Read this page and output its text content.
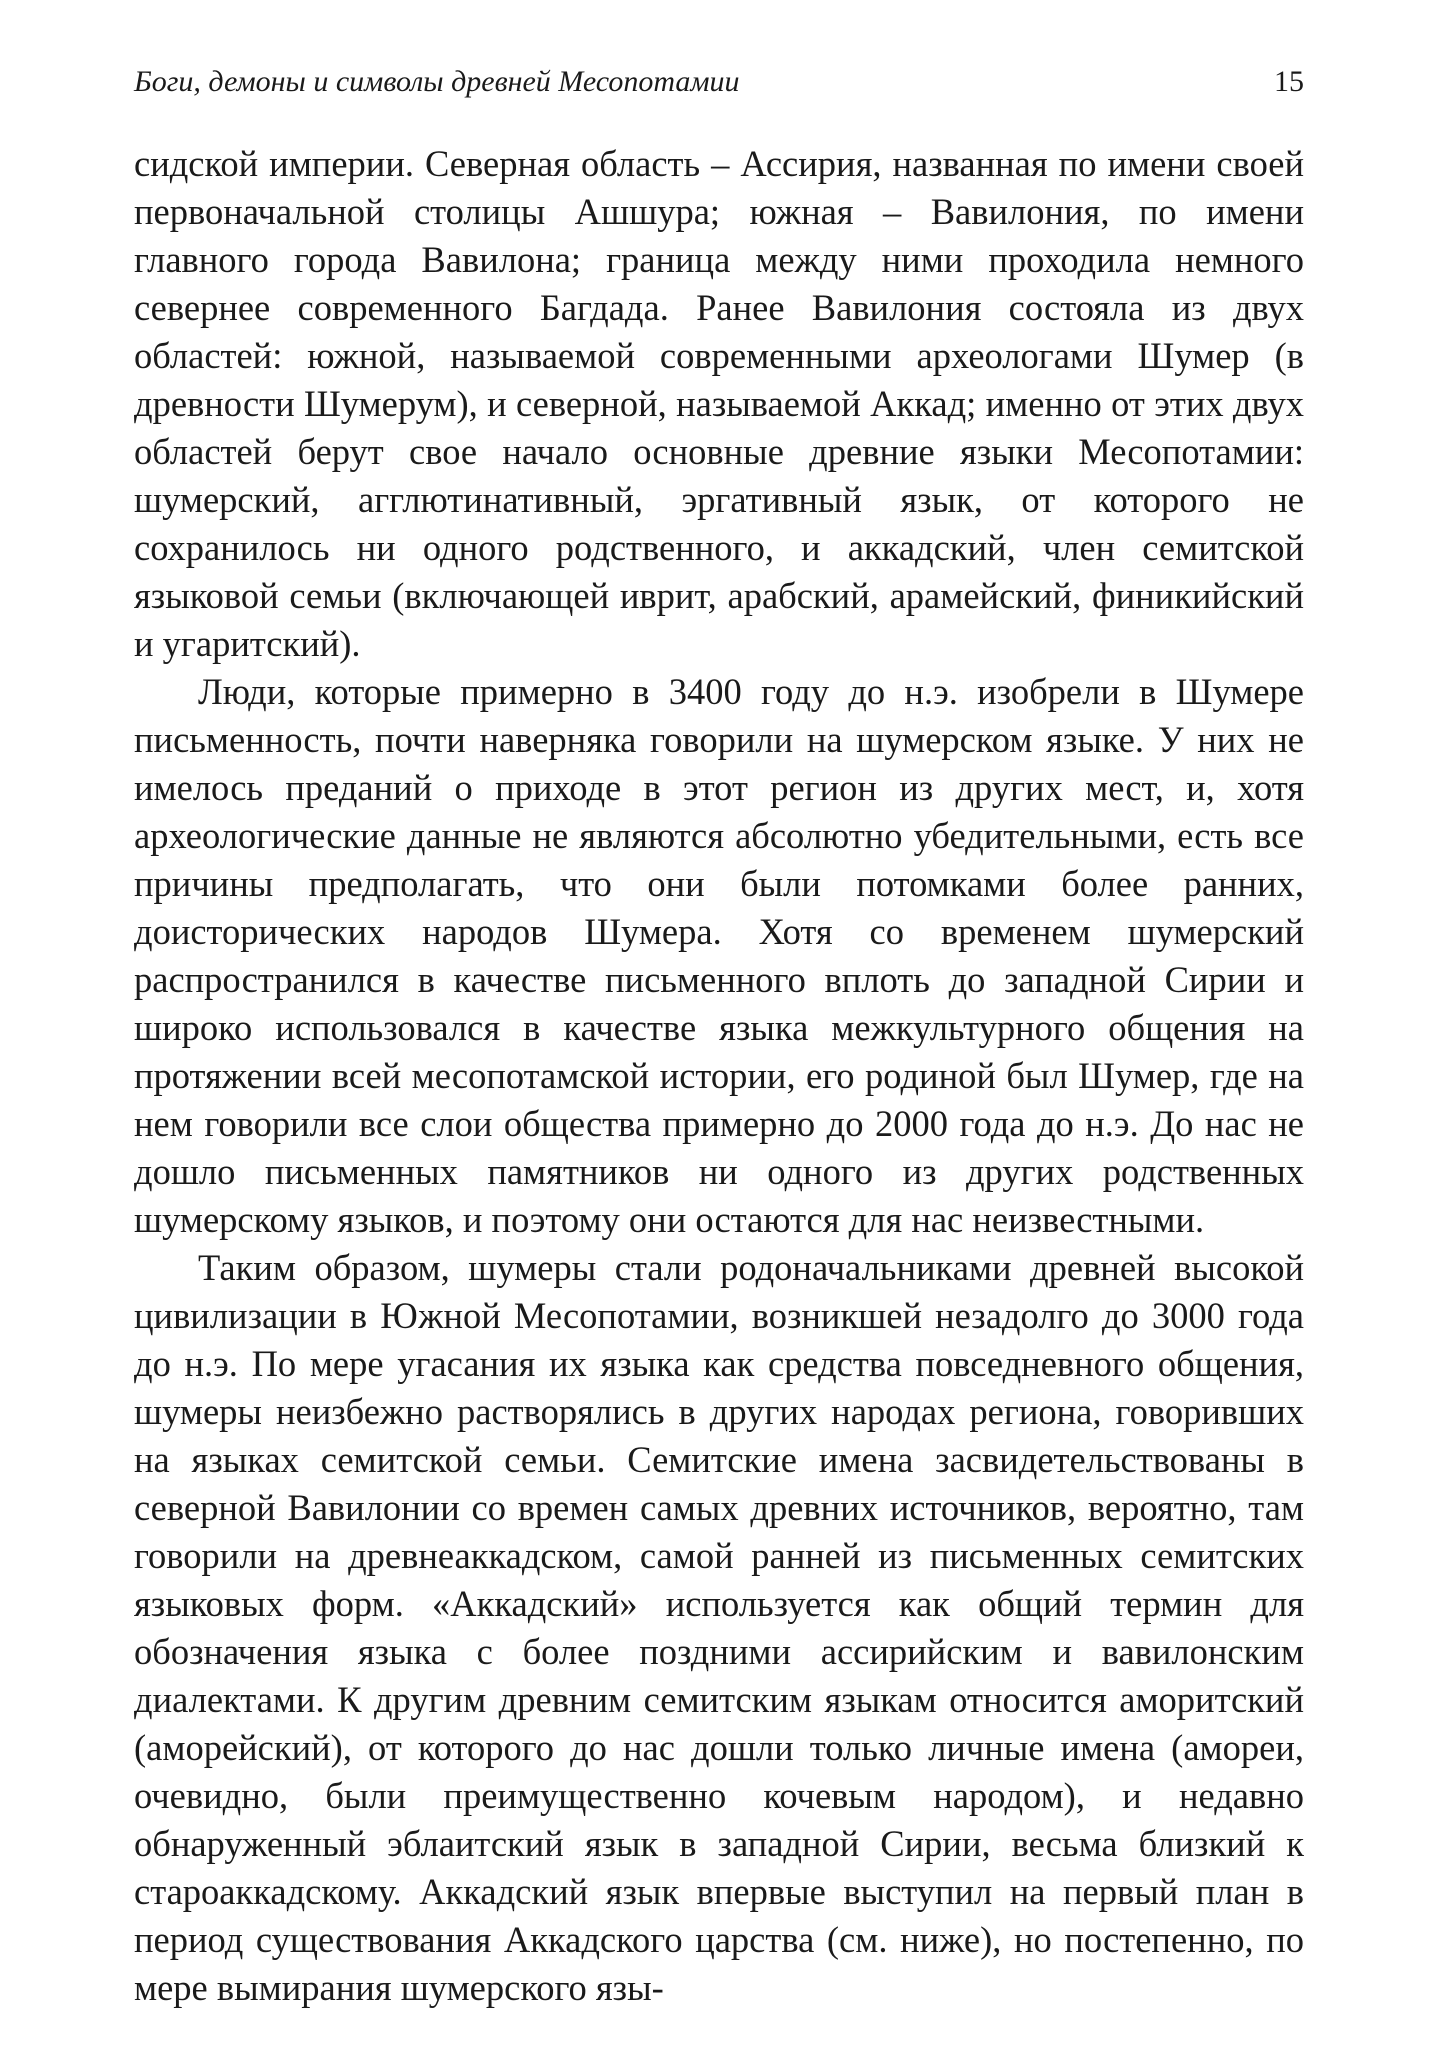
Боги, демоны и символы древней Месопотамии	15

сидской империи. Северная область – Ассирия, названная по имени своей первоначальной столицы Ашшура; южная – Вавилония, по имени главного города Вавилона; граница между ними проходила немного севернее современного Багдада. Ранее Вавилония состояла из двух областей: южной, называемой современными археологами Шумер (в древности Шумерум), и северной, называемой Аккад; именно от этих двух областей берут свое начало основные древние языки Месопотамии: шумерский, агглютинативный, эргативный язык, от которого не сохранилось ни одного родственного, и аккадский, член семитской языковой семьи (включающей иврит, арабский, арамейский, финикийский и угаритский).

Люди, которые примерно в 3400 году до н.э. изобрели в Шумере письменность, почти наверняка говорили на шумерском языке. У них не имелось преданий о приходе в этот регион из других мест, и, хотя археологические данные не являются абсолютно убедительными, есть все причины предполагать, что они были потомками более ранних, доисторических народов Шумера. Хотя со временем шумерский распространился в качестве письменного вплоть до западной Сирии и широко использовался в качестве языка межкультурного общения на протяжении всей месопотамской истории, его родиной был Шумер, где на нем говорили все слои общества примерно до 2000 года до н.э. До нас не дошло письменных памятников ни одного из других родственных шумерскому языков, и поэтому они остаются для нас неизвестными.

Таким образом, шумеры стали родоначальниками древней высокой цивилизации в Южной Месопотамии, возникшей незадолго до 3000 года до н.э. По мере угасания их языка как средства повседневного общения, шумеры неизбежно растворялись в других народах региона, говоривших на языках семитской семьи. Семитские имена засвидетельствованы в северной Вавилонии со времен самых древних источников, вероятно, там говорили на древнеаккадском, самой ранней из письменных семитских языковых форм. «Аккадский» используется как общий термин для обозначения языка с более поздними ассирийским и вавилонским диалектами. К другим древним семитским языкам относится аморитский (аморейский), от которого до нас дошли только личные имена (амореи, очевидно, были преимущественно кочевым народом), и недавно обнаруженный эблаитский язык в западной Сирии, весьма близкий к староаккадскому. Аккадский язык впервые выступил на первый план в период существования Аккадского царства (см. ниже), но постепенно, по мере вымирания шумерского язы-
